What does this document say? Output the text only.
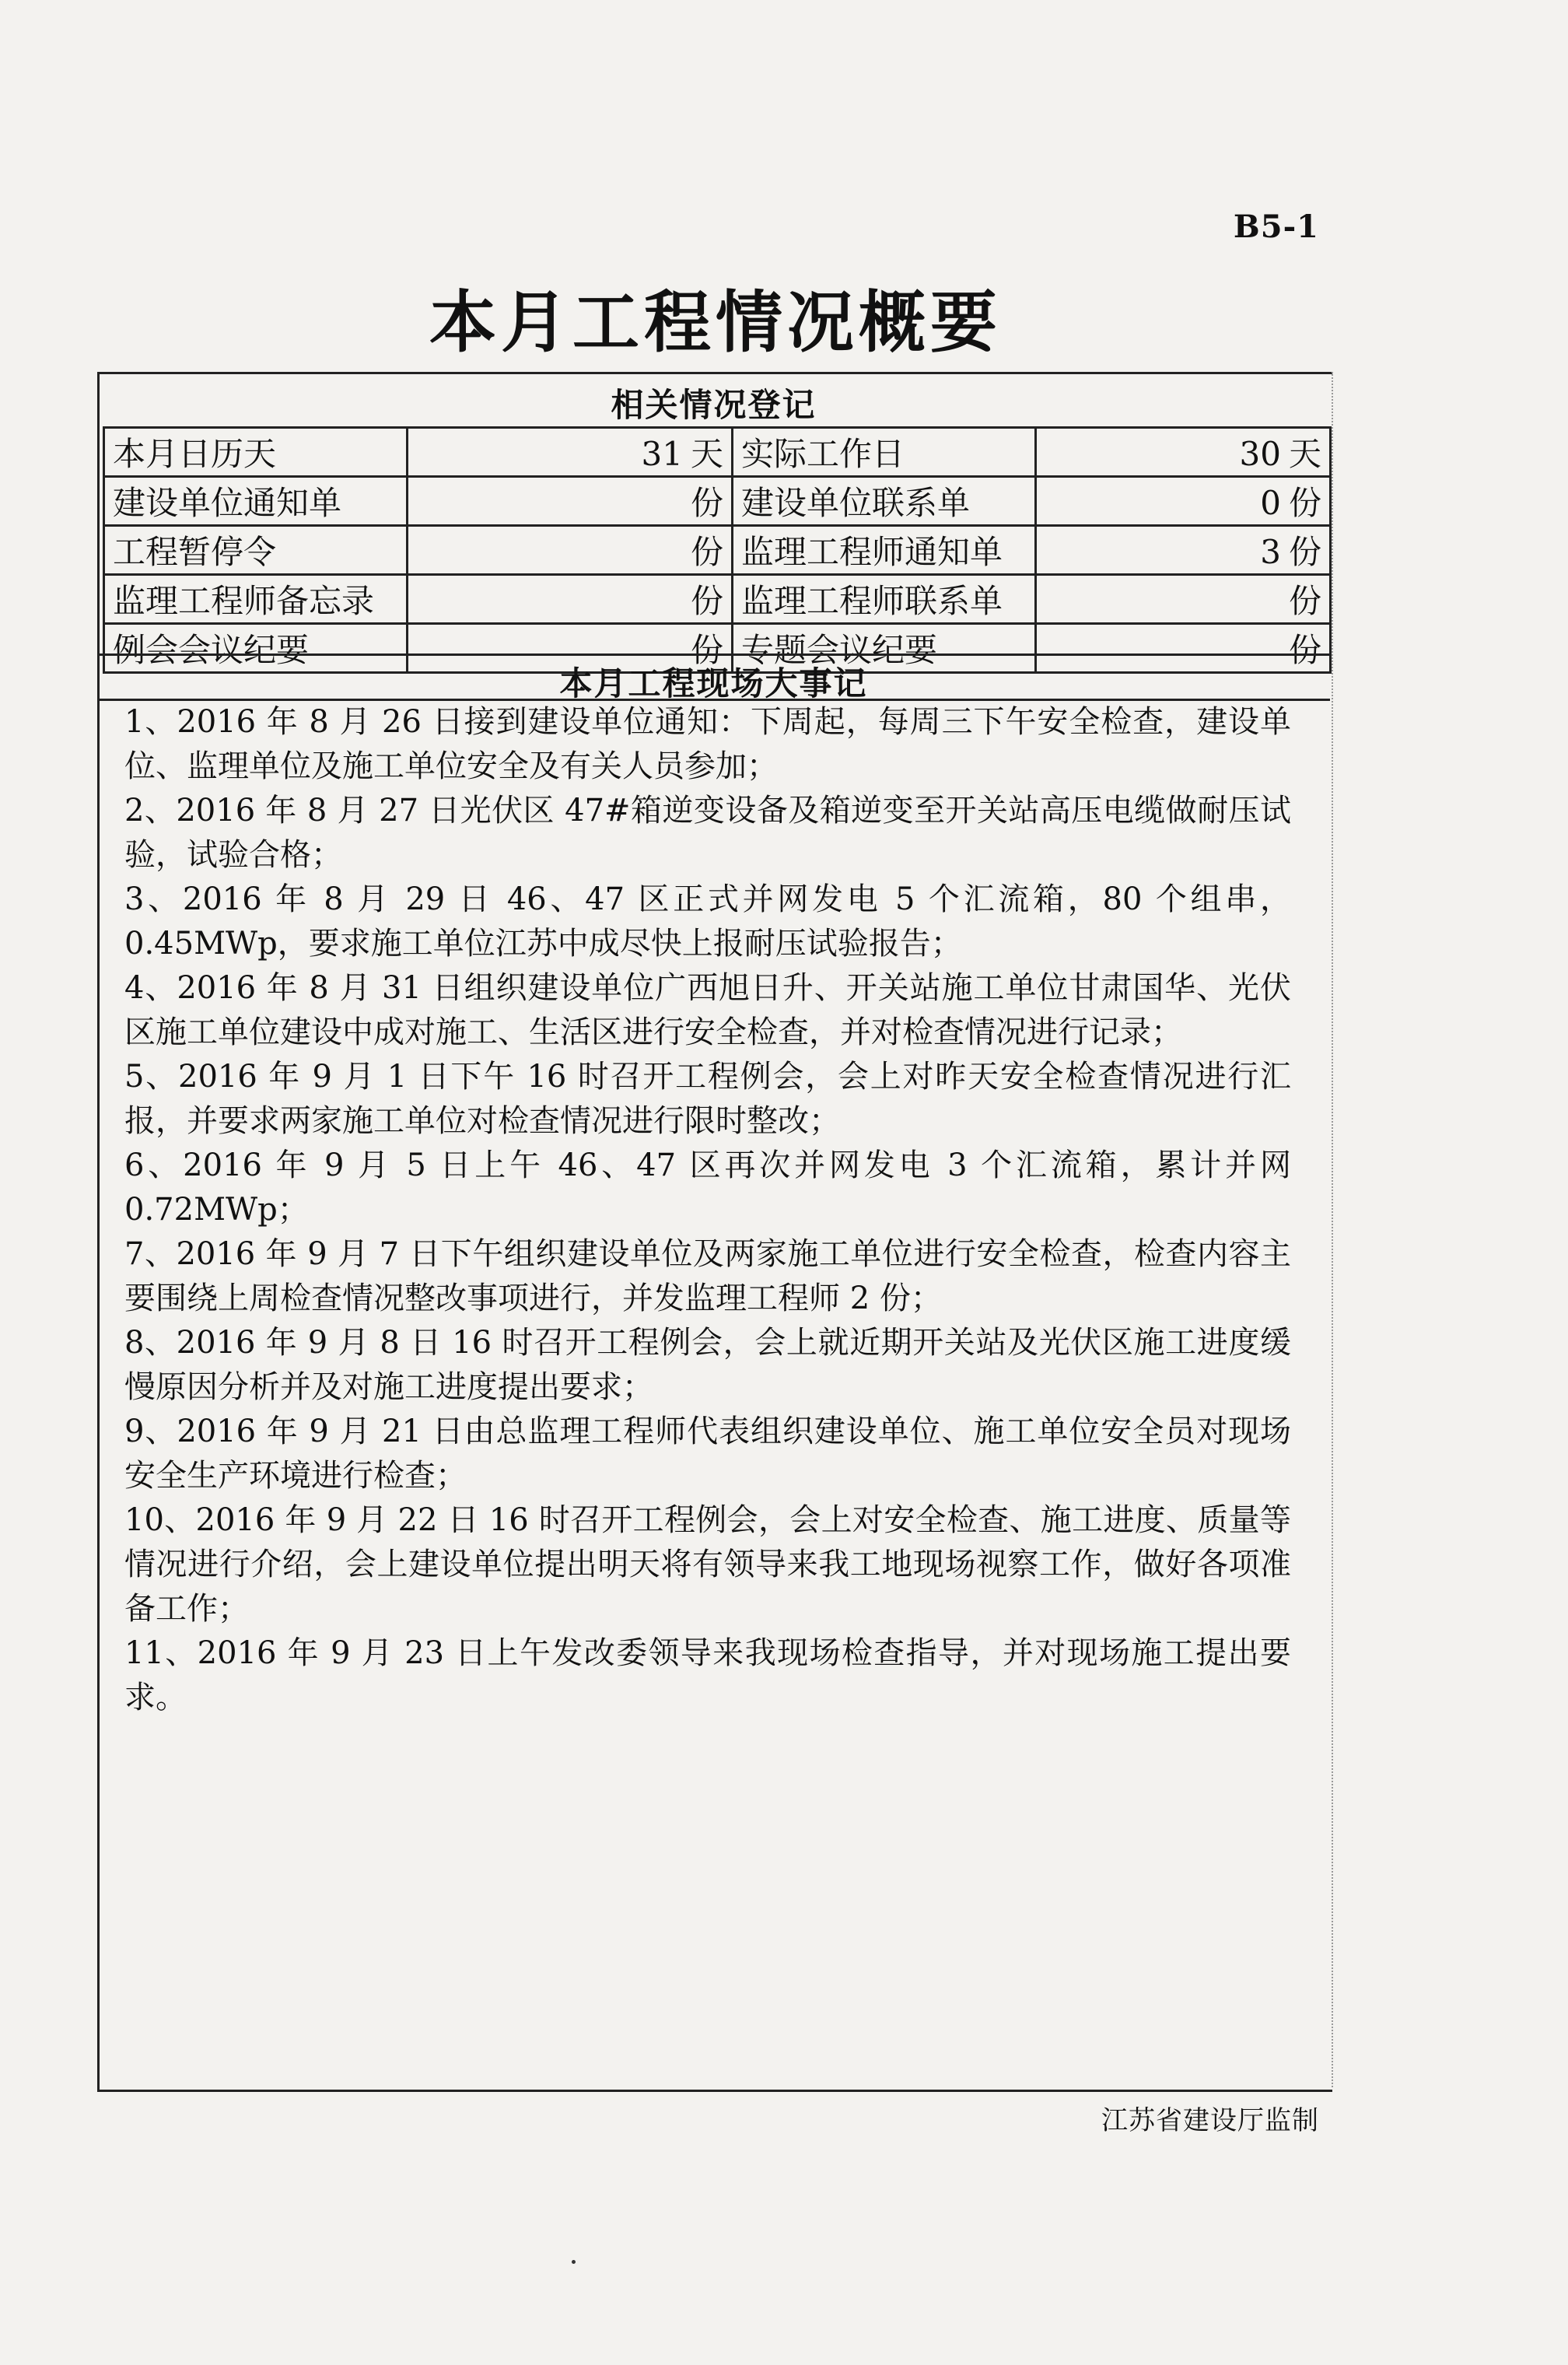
B5-1
本月工程情况概要
相关情况登记
本月日历天	31 天	实际工作日	30 天
建设单位通知单	份	建设单位联系单	0 份
工程暂停令	份	监理工程师通知单	3 份
监理工程师备忘录	份	监理工程师联系单	份
例会会议纪要	份	专题会议纪要	份
本月工程现场大事记
1、2016 年 8 月 26 日接到建设单位通知：下周起，每周三下午安全检查，建设单位、监理单位及施工单位安全及有关人员参加；
2、2016 年 8 月 27 日光伏区 47#箱逆变设备及箱逆变至开关站高压电缆做耐压试验，试验合格；
3、2016 年 8 月 29 日 46、47 区正式并网发电 5 个汇流箱，80 个组串，0.45MWp，要求施工单位江苏中成尽快上报耐压试验报告；
4、2016 年 8 月 31 日组织建设单位广西旭日升、开关站施工单位甘肃国华、光伏区施工单位建设中成对施工、生活区进行安全检查，并对检查情况进行记录；
5、2016 年 9 月 1 日下午 16 时召开工程例会，会上对昨天安全检查情况进行汇报，并要求两家施工单位对检查情况进行限时整改；
6、2016 年 9 月 5 日上午 46、47 区再次并网发电 3 个汇流箱，累计并网 0.72MWp；
7、2016 年 9 月 7 日下午组织建设单位及两家施工单位进行安全检查，检查内容主要围绕上周检查情况整改事项进行，并发监理工程师 2 份；
8、2016 年 9 月 8 日 16 时召开工程例会，会上就近期开关站及光伏区施工进度缓慢原因分析并及对施工进度提出要求；
9、2016 年 9 月 21 日由总监理工程师代表组织建设单位、施工单位安全员对现场安全生产环境进行检查；
10、2016 年 9 月 22 日 16 时召开工程例会，会上对安全检查、施工进度、质量等情况进行介绍，会上建设单位提出明天将有领导来我工地现场视察工作，做好各项准备工作；
11、2016 年 9 月 23 日上午发改委领导来我现场检查指导，并对现场施工提出要求。
江苏省建设厅监制
